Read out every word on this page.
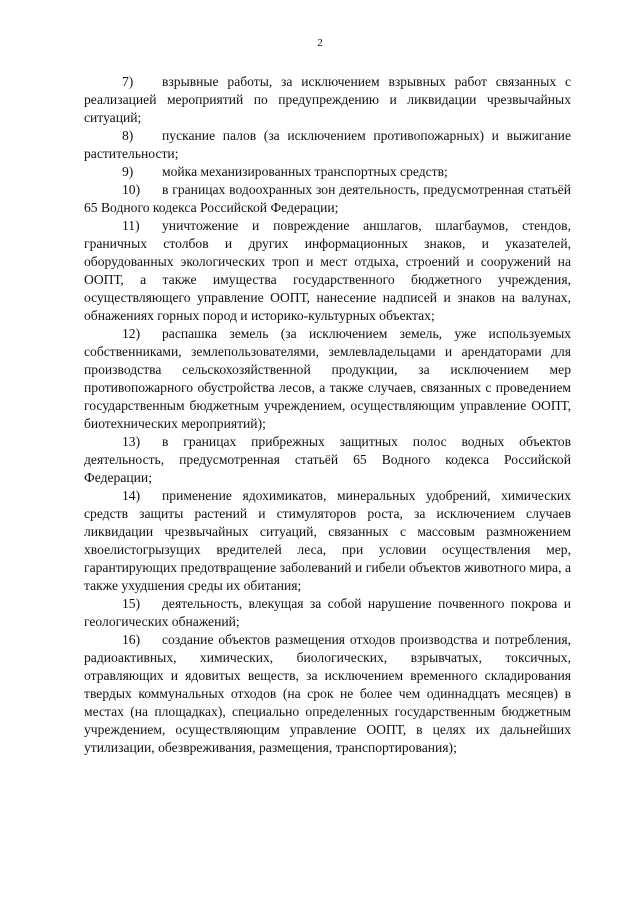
2

7) взрывные работы, за исключением взрывных работ связанных с реализацией мероприятий по предупреждению и ликвидации чрезвычайных ситуаций;

8) пускание палов (за исключением противопожарных) и выжигание растительности;

9) мойка механизированных транспортных средств;

10) в границах водоохранных зон деятельность, предусмотренная статьёй 65 Водного кодекса Российской Федерации;

11) уничтожение и повреждение аншлагов, шлагбаумов, стендов, граничных столбов и других информационных знаков, и указателей, оборудованных экологических троп и мест отдыха, строений и сооружений на ООПТ, а также имущества государственного бюджетного учреждения, осуществляющего управление ООПТ, нанесение надписей и знаков на валунах, обнажениях горных пород и историко-культурных объектах;

12) распашка земель (за исключением земель, уже используемых собственниками, землепользователями, землевладельцами и арендаторами для производства сельскохозяйственной продукции, за исключением мер противопожарного обустройства лесов, а также случаев, связанных с проведением государственным бюджетным учреждением, осуществляющим управление ООПТ, биотехнических мероприятий);

13) в границах прибрежных защитных полос водных объектов деятельность, предусмотренная статьёй 65 Водного кодекса Российской Федерации;

14) применение ядохимикатов, минеральных удобрений, химических средств защиты растений и стимуляторов роста, за исключением случаев ликвидации чрезвычайных ситуаций, связанных с массовым размножением хвоелистогрызущих вредителей леса, при условии осуществления мер, гарантирующих предотвращение заболеваний и гибели объектов животного мира, а также ухудшения среды их обитания;

15) деятельность, влекущая за собой нарушение почвенного покрова и геологических обнажений;

16) создание объектов размещения отходов производства и потребления, радиоактивных, химических, биологических, взрывчатых, токсичных, отравляющих и ядовитых веществ, за исключением временного складирования твердых коммунальных отходов (на срок не более чем одиннадцать месяцев) в местах (на площадках), специально определенных государственным бюджетным учреждением, осуществляющим управление ООПТ, в целях их дальнейших утилизации, обезвреживания, размещения, транспортирования);
